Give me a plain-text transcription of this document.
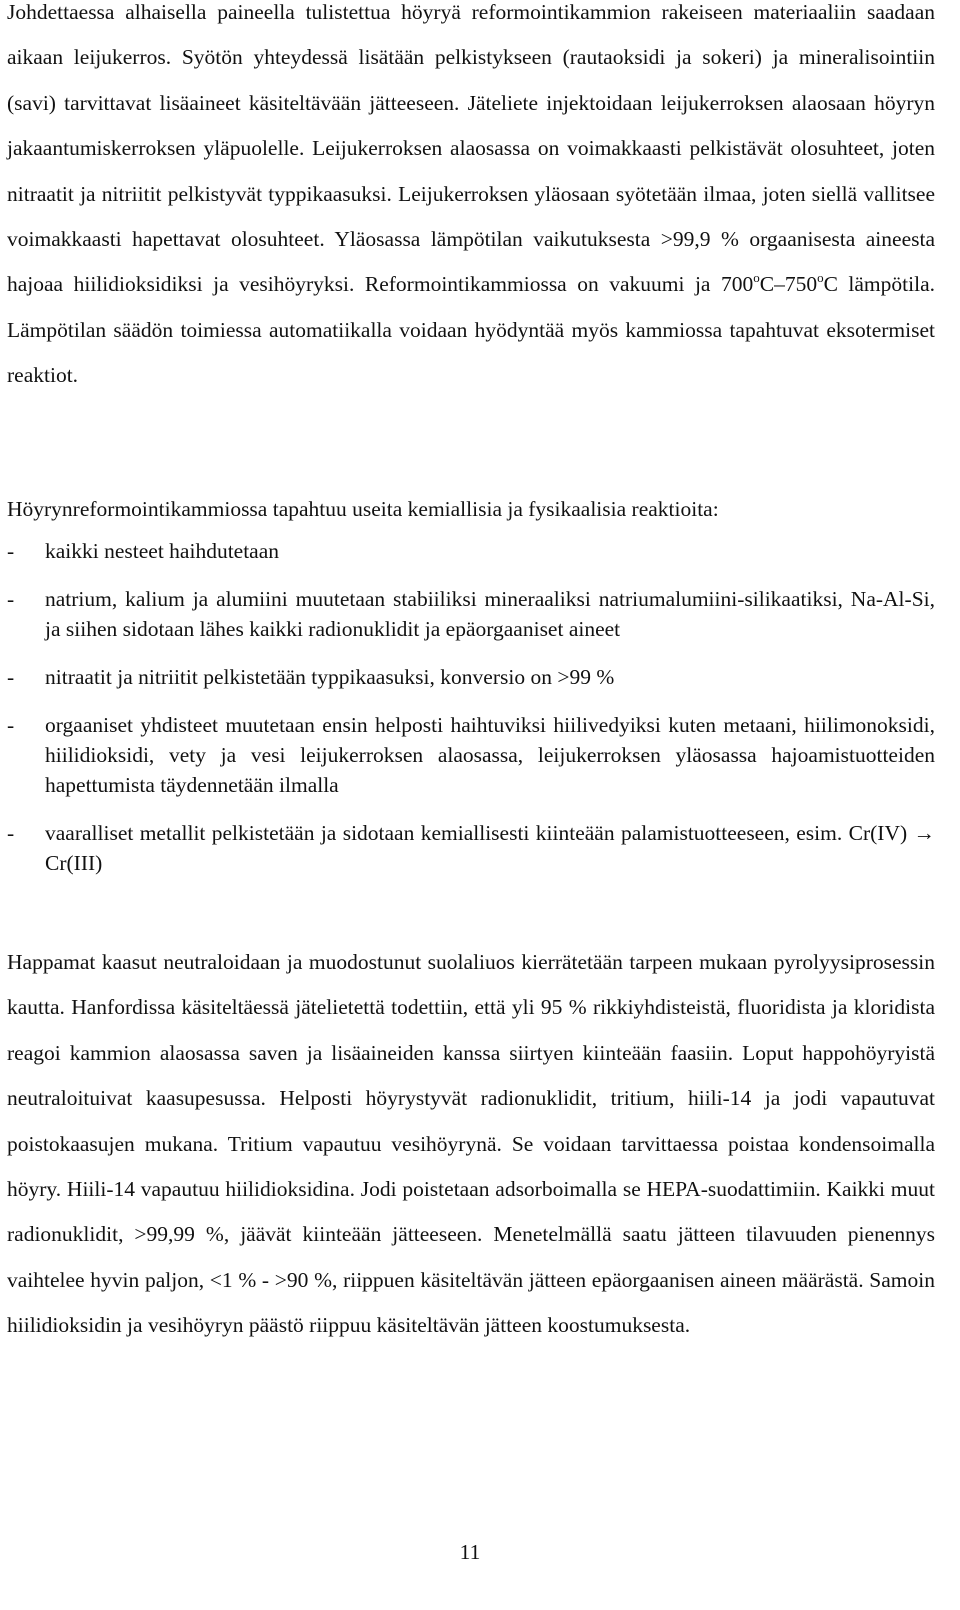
Johdettaessa alhaisella paineella tulistettua höyryä reformointikammion rakeiseen materiaaliin saadaan aikaan leijukerros. Syötön yhteydessä lisätään pelkistykseen (rautaoksidi ja sokeri) ja mineralisointiin (savi) tarvittavat lisäaineet käsiteltävään jätteeseen. Jäteliete injektoidaan leijukerroksen alaosaan höyryn jakaantumiskerroksen yläpuolelle. Leijukerroksen alaosassa on voimakkaasti pelkistävät olosuhteet, joten nitraatit ja nitriitit pelkistyvät typpikaasuksi. Leijukerroksen yläosaan syötetään ilmaa, joten siellä vallitsee voimakkaasti hapettavat olosuhteet. Yläosassa lämpötilan vaikutuksesta >99,9 % orgaanisesta aineesta hajoaa hiilidioksidiksi ja vesihöyryksi. Reformointikammiossa on vakuumi ja 700$^o$C–750$^o$C lämpötila. Lämpötilan säädön toimiessa automatiikalla voidaan hyödyntää myös kammiossa tapahtuvat eksotermiset reaktiot.

Höyrynreformointikammiossa tapahtuu useita kemiallisia ja fysikaalisia reaktioita:

- kaikki nesteet haihdutetaan
- natrium, kalium ja alumiini muutetaan stabiiliksi mineraaliksi natriumalumiini-silikaatiksi, Na-Al-Si, ja siihen sidotaan lähes kaikki radionuklidit ja epäorgaaniset aineet
- nitraatit ja nitriitit pelkistetään typpikaasuksi, konversio on >99 %
- orgaaniset yhdisteet muutetaan ensin helposti haihtuviksi hiilivedyiksi kuten metaani, hiilimonoksidi, hiilidioksidi, vety ja vesi leijukerroksen alaosassa, leijukerroksen yläosassa hajoamistuotteiden hapettumista täydennetään ilmalla
- vaaralliset metallit pelkistetään ja sidotaan kemiallisesti kiinteään palamistuotteeseen, esim. Cr(IV) → Cr(III)

Happamat kaasut neutraloidaan ja muodostunut suolaliuos kierrätetään tarpeen mukaan pyrolyysiprosessin kautta. Hanfordissa käsiteltäessä jätelietettä todettiin, että yli 95 % rikkiyhdisteistä, fluoridista ja kloridista reagoi kammion alaosassa saven ja lisäaineiden kanssa siirtyen kiinteään faasiin. Loput happohöyryistä neutraloituivat kaasupesussa. Helposti höyrystyvät radionuklidit, tritium, hiili-14 ja jodi vapautuvat poistokaasujen mukana. Tritium vapautuu vesihöyrynä. Se voidaan tarvittaessa poistaa kondensoimalla höyry. Hiili-14 vapautuu hiilidioksidina. Jodi poistetaan adsorboimalla se HEPA-suodattimiin. Kaikki muut radionuklidit, >99,99 %, jäävät kiinteään jätteeseen. Menetelmällä saatu jätteen tilavuuden pienennys vaihtelee hyvin paljon, <1 % - >90 %, riippuen käsiteltävän jätteen epäorgaanisen aineen määrästä. Samoin hiilidioksidin ja vesihöyryn päästö riippuu käsiteltävän jätteen koostumuksesta.

11
